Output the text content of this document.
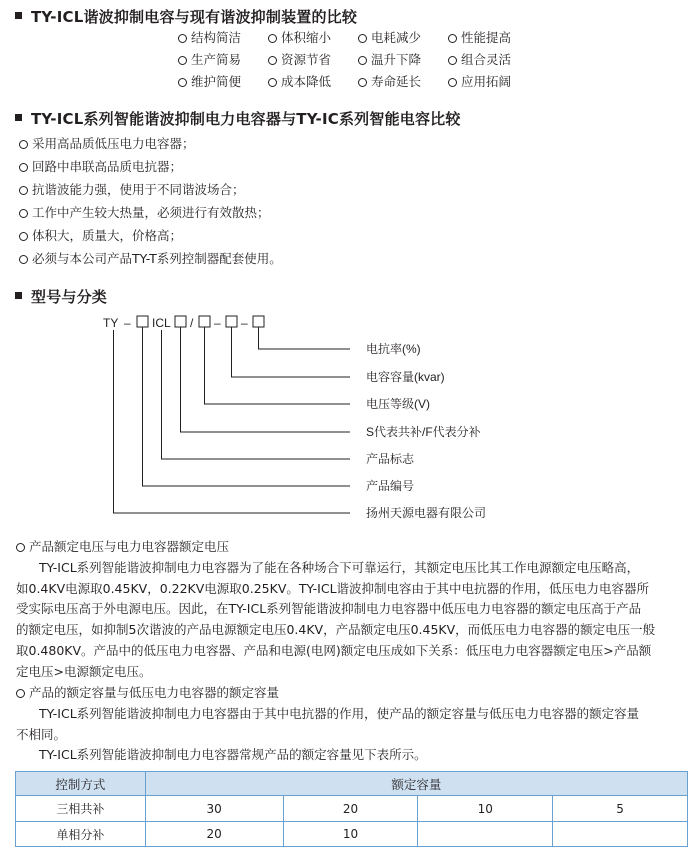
TY-ICL谐波抑制电容与现有谐波抑制装置的比较
结构简洁	体积缩小	电耗减少	性能提高
生产简易	资源节省	温升下降	组合灵活
维护简便	成本降低	寿命延长	应用拓阔
TY-ICL系列智能谐波抑制电力电容器与TY-IC系列智能电容比较
采用高品质低压电力电容器；
回路中串联高品质电抗器；
抗谐波能力强，使用于不同谐波场合；
工作中产生较大热量，必须进行有效散热；
体积大，质量大，价格高；
必须与本公司产品TY-T系列控制器配套使用。
型号与分类
TY – ICL / – –
电抗率(%)
电容容量(kvar)
电压等级(V)
S代表共补/F代表分补
产品标志
产品编号
扬州天源电器有限公司
产品额定电压与电力电容器额定电压
TY-ICL系列智能谐波抑制电力电容器为了能在各种场合下可靠运行，其额定电压比其工作电源额定电压略高，
如0.4KV电源取0.45KV，0.22KV电源取0.25KV。TY-ICL谐波抑制电容由于其中电抗器的作用，低压电力电容器所
受实际电压高于外电源电压。因此，在TY-ICL系列智能谐波抑制电力电容器中低压电力电容器的额定电压高于产品
的额定电压，如抑制5次谐波的产品电源额定电压0.4KV，产品额定电压0.45KV，而低压电力电容器的额定电压一般
取0.480KV。产品中的低压电力电容器、产品和电源(电网)额定电压成如下关系：低压电力电容器额定电压>产品额
定电压>电源额定电压。
产品的额定容量与低压电力电容器的额定容量
TY-ICL系列智能谐波抑制电力电容器由于其中电抗器的作用，使产品的额定容量与低压电力电容器的额定容量
不相同。
TY-ICL系列智能谐波抑制电力电容器常规产品的额定容量见下表所示。
控制方式	额定容量			
三相共补	30	20	10	5
单相分补	20	10		
